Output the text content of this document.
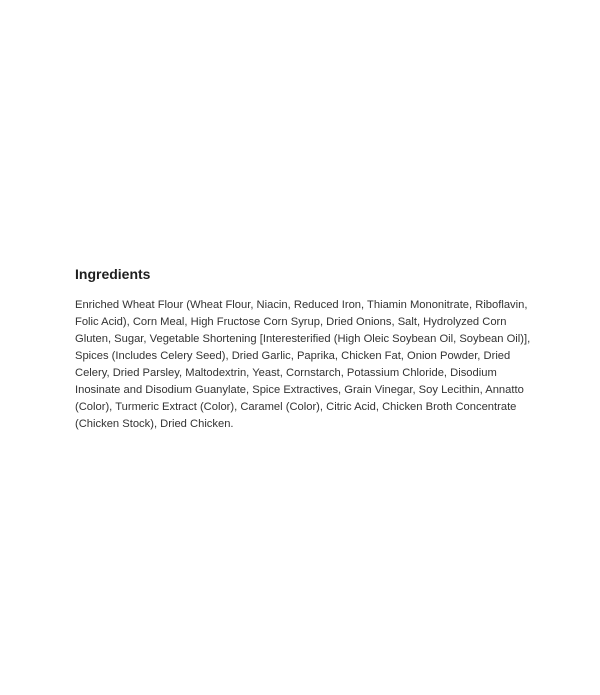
Ingredients

Enriched Wheat Flour (Wheat Flour, Niacin, Reduced Iron, Thiamin Mononitrate, Riboflavin, Folic Acid), Corn Meal, High Fructose Corn Syrup, Dried Onions, Salt, Hydrolyzed Corn Gluten, Sugar, Vegetable Shortening [Interesterified (High Oleic Soybean Oil, Soybean Oil)], Spices (Includes Celery Seed), Dried Garlic, Paprika, Chicken Fat, Onion Powder, Dried Celery, Dried Parsley, Maltodextrin, Yeast, Cornstarch, Potassium Chloride, Disodium Inosinate and Disodium Guanylate, Spice Extractives, Grain Vinegar, Soy Lecithin, Annatto (Color), Turmeric Extract (Color), Caramel (Color), Citric Acid, Chicken Broth Concentrate (Chicken Stock), Dried Chicken.
